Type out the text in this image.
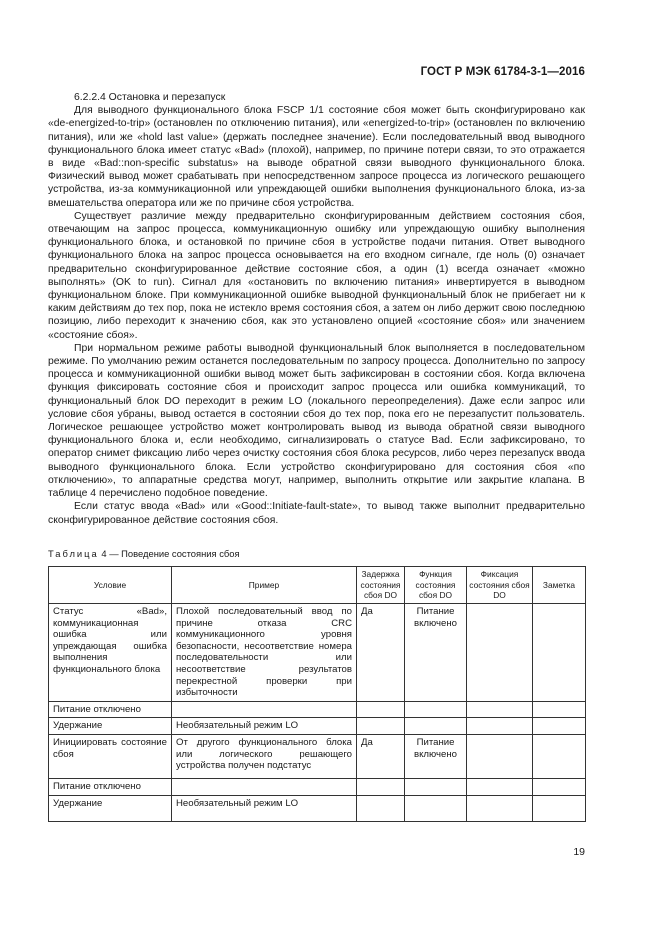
ГОСТ Р МЭК 61784-3-1—2016

6.2.2.4 Остановка и перезапуск

Для выводного функционального блока FSCP 1/1 состояние сбоя может быть сконфигурировано как «de-energized-to-trip» (остановлен по отключению питания), или «energized-to-trip» (остановлен по включению питания), или же «hold last value» (держать последнее значение). Если последовательный ввод выводного функционального блока имеет статус «Bad» (плохой), например, по причине потери связи, то это отражается в виде «Bad::non-specific substatus» на выводе обратной связи выводного функционального блока. Физический вывод может срабатывать при непосредственном запросе процесса из логического решающего устройства, из-за коммуникационной или упреждающей ошибки выполнения функционального блока, из-за вмешательства оператора или же по причине сбоя устройства.

Существует различие между предварительно сконфигурированным действием состояния сбоя, отвечающим на запрос процесса, коммуникационную ошибку или упреждающую ошибку выполнения функционального блока, и остановкой по причине сбоя в устройстве подачи питания. Ответ выводного функционального блока на запрос процесса основывается на его входном сигнале, где ноль (0) означает предварительно сконфигурированное действие состояние сбоя, а один (1) всегда означает «можно выполнять» (OK to run). Сигнал для «остановить по включению питания» инвертируется в выводном функциональном блоке. При коммуникационной ошибке выводной функциональный блок не прибегает ни к каким действиям до тех пор, пока не истекло время состояния сбоя, а затем он либо держит свою последнюю позицию, либо переходит к значению сбоя, как это установлено опцией «состояние сбоя» или значением «состояние сбоя».

При нормальном режиме работы выводной функциональный блок выполняется в последовательном режиме. По умолчанию режим останется последовательным по запросу процесса. Дополнительно по запросу процесса и коммуникационной ошибки вывод может быть зафиксирован в состоянии сбоя. Когда включена функция фиксировать состояние сбоя и происходит запрос процесса или ошибка коммуникаций, то функциональный блок DO переходит в режим LO (локального переопределения). Даже если запрос или условие сбоя убраны, вывод остается в состоянии сбоя до тех пор, пока его не перезапустит пользователь. Логическое решающее устройство может контролировать вывод из вывода обратной связи выводного функционального блока и, если необходимо, сигнализировать о статусе Bad. Если зафиксировано, то оператор снимет фиксацию либо через очистку состояния сбоя блока ресурсов, либо через перезапуск ввода выводного функционального блока. Если устройство сконфигурировано для состояния сбоя «по отключению», то аппаратные средства могут, например, выполнить открытие или закрытие клапана. В таблице 4 перечислено подобное поведение.

Если статус ввода «Bad» или «Good::Initiate-fault-state», то вывод также выполнит предварительно сконфигурированное действие состояния сбоя.

Таблица 4 — Поведение состояния сбоя
Условие	Пример	Задержка состояния сбоя DO	Функция состояния сбоя DO	Фиксация состояния сбоя DO	Заметка
Статус «Bad», коммуникационная ошибка или упреждающая ошибка выполнения функционального блока	Плохой последовательный ввод по причине отказа CRC коммуникационного уровня безопасности, несоответствие номера последовательности или несоответствие результатов перекрестной проверки при избыточности	Да	Питание включено		
Питание отключено					
Удержание	Необязательный режим LO				
Инициировать состояние сбоя	От другого функционального блока или логического решающего устройства получен подстатус	Да	Питание включено		
Питание отключено					
Удержание	Необязательный режим LO				
19
